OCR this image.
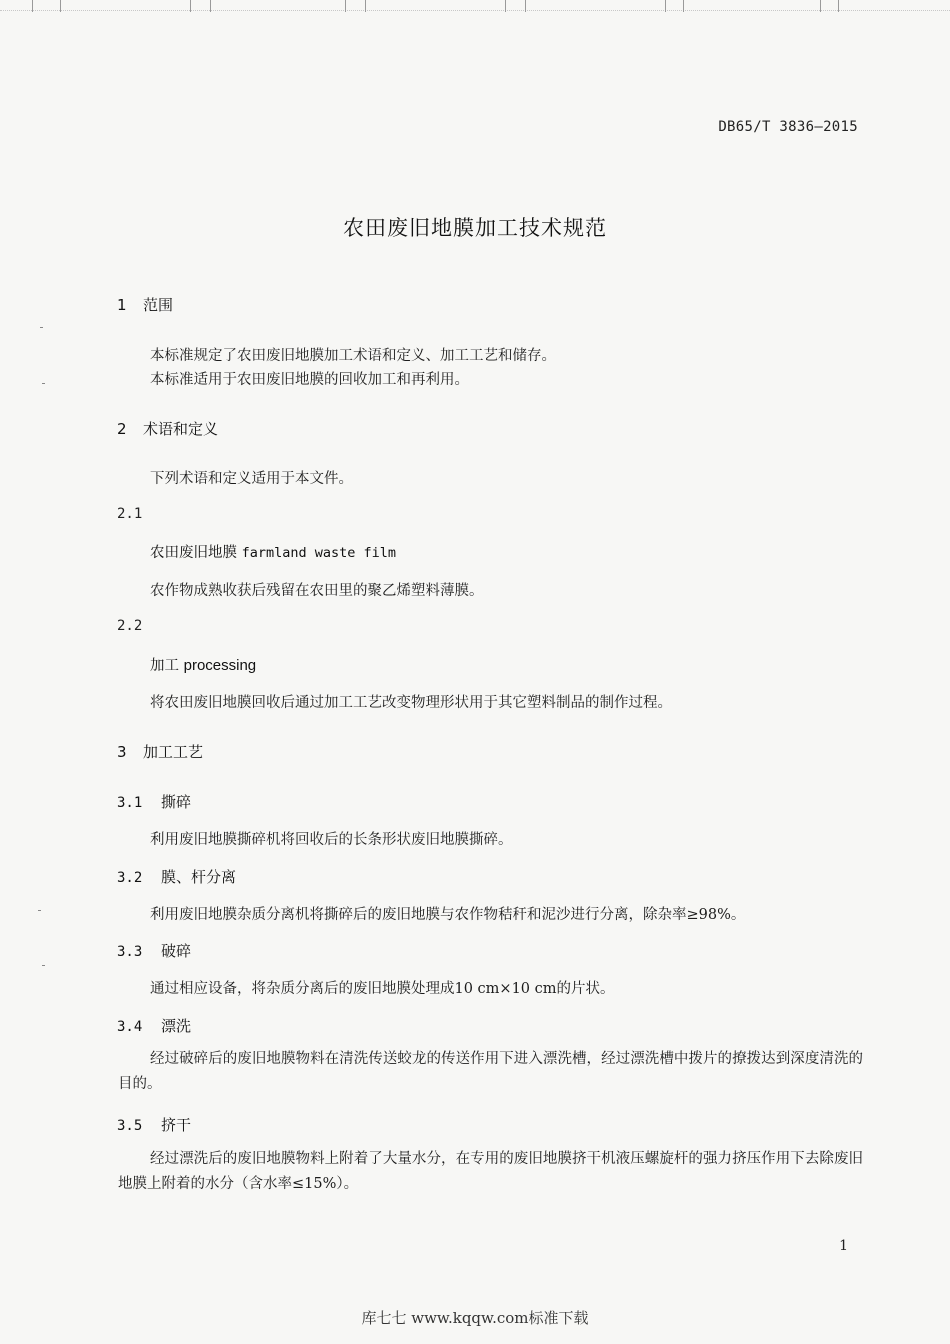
DB65/T 3836—2015
农田废旧地膜加工技术规范
1 范围
本标准规定了农田废旧地膜加工术语和定义、加工工艺和储存。
本标准适用于农田废旧地膜的回收加工和再利用。
2 术语和定义
下列术语和定义适用于本文件。
2.1
农田废旧地膜 farmland waste film
农作物成熟收获后残留在农田里的聚乙烯塑料薄膜。
2.2
加工 processing
将农田废旧地膜回收后通过加工工艺改变物理形状用于其它塑料制品的制作过程。
3 加工工艺
3.1 撕碎
利用废旧地膜撕碎机将回收后的长条形状废旧地膜撕碎。
3.2 膜、杆分离
利用废旧地膜杂质分离机将撕碎后的废旧地膜与农作物秸秆和泥沙进行分离，除杂率≥98%。
3.3 破碎
通过相应设备，将杂质分离后的废旧地膜处理成10 cm×10 cm的片状。
3.4 漂洗
经过破碎后的废旧地膜物料在清洗传送蛟龙的传送作用下进入漂洗槽，经过漂洗槽中拨片的撩拨达到深度清洗的目的。
3.5 挤干
经过漂洗后的废旧地膜物料上附着了大量水分，在专用的废旧地膜挤干机液压螺旋杆的强力挤压作用下去除废旧地膜上附着的水分（含水率≤15%）。
1
库七七 www.kqqw.com标准下载
